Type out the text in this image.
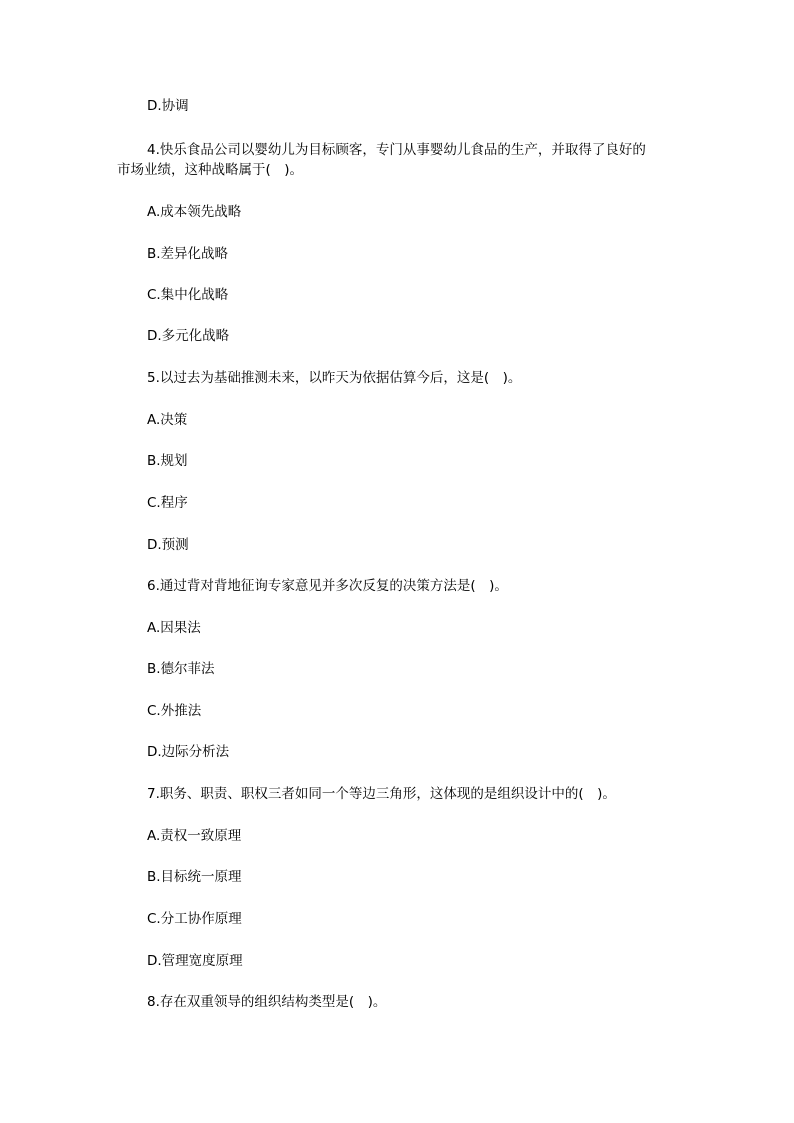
D.协调
4.快乐食品公司以婴幼儿为目标顾客，专门从事婴幼儿食品的生产，并取得了良好的
市场业绩，这种战略属于(　)。
A.成本领先战略
B.差异化战略
C.集中化战略
D.多元化战略
5.以过去为基础推测未来，以昨天为依据估算今后，这是(　)。
A.决策
B.规划
C.程序
D.预测
6.通过背对背地征询专家意见并多次反复的决策方法是(　)。
A.因果法
B.德尔菲法
C.外推法
D.边际分析法
7.职务、职责、职权三者如同一个等边三角形，这体现的是组织设计中的(　)。
A.责权一致原理
B.目标统一原理
C.分工协作原理
D.管理宽度原理
8.存在双重领导的组织结构类型是(　)。
